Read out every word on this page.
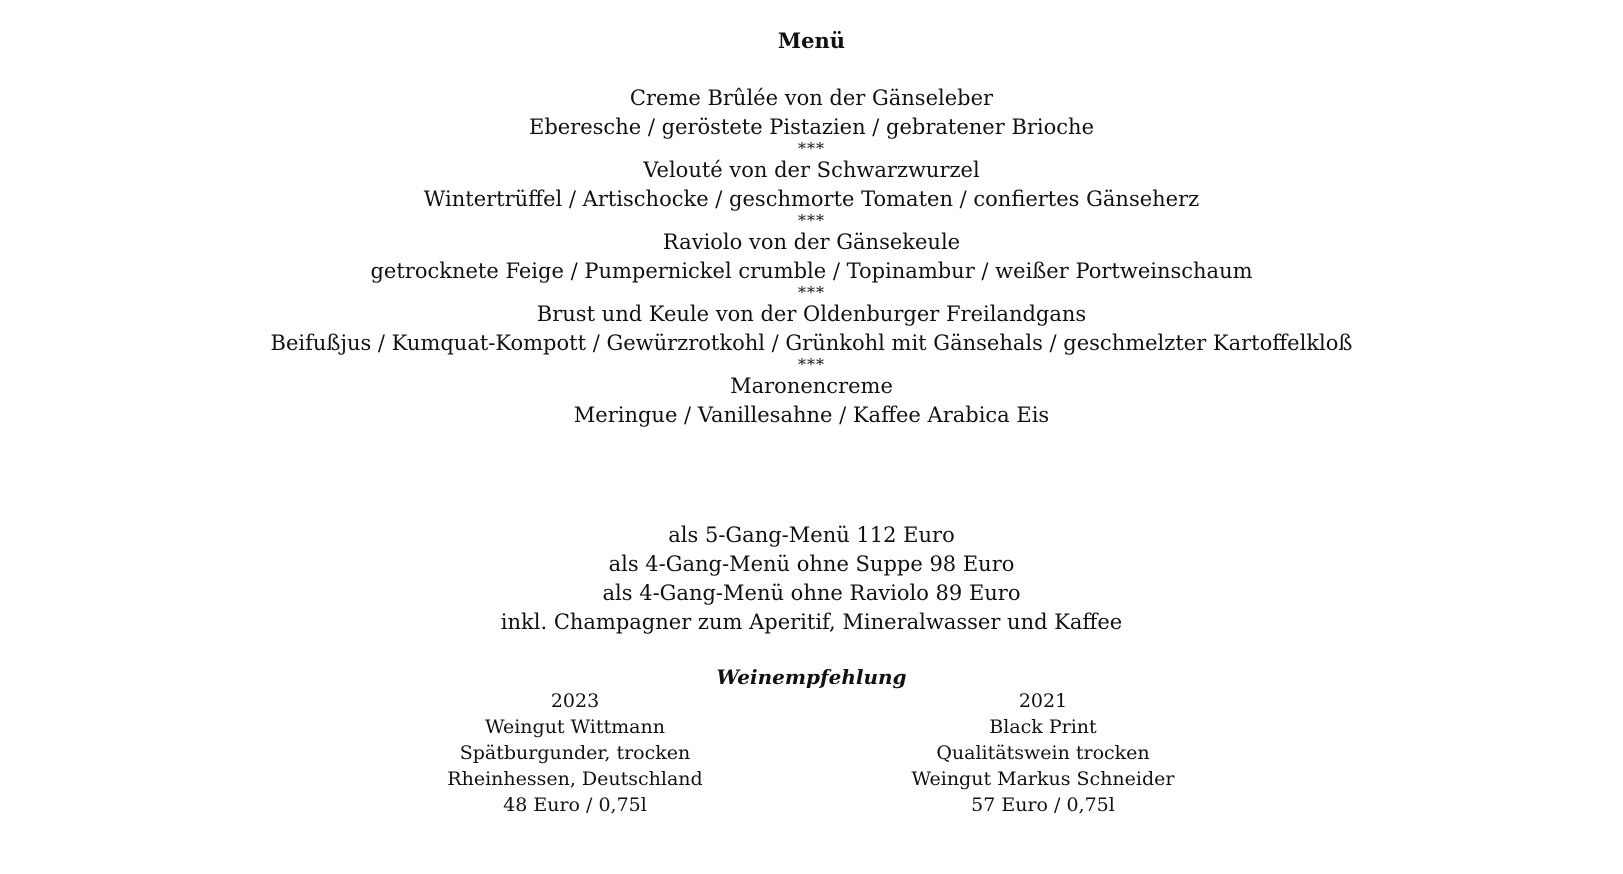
Menü
Creme Brûlée von der Gänseleber
Eberesche / geröstete Pistazien / gebratener Brioche
***
Velouté von der Schwarzwurzel
Wintertrüffel / Artischocke / geschmorte Tomaten / confiertes Gänseherz
***
Raviolo von der Gänsekeule
getrocknete Feige / Pumpernickel crumble / Topinambur / weißer Portweinschaum
***
Brust und Keule von der Oldenburger Freilandgans
Beifußjus / Kumquat-Kompott / Gewürzrotkohl / Grünkohl mit Gänsehals / geschmelzter Kartoffelkloß
***
Maronencreme
Meringue / Vanillesahne / Kaffee Arabica Eis
als 5-Gang-Menü 112 Euro
als 4-Gang-Menü ohne Suppe 98 Euro
als 4-Gang-Menü ohne Raviolo 89 Euro
inkl. Champagner zum Aperitif, Mineralwasser und Kaffee
Weinempfehlung
2023
Weingut Wittmann
Spätburgunder, trocken
Rheinhessen, Deutschland
48 Euro / 0,75l
2021
Black Print
Qualitätswein trocken
Weingut Markus Schneider
57 Euro / 0,75l
